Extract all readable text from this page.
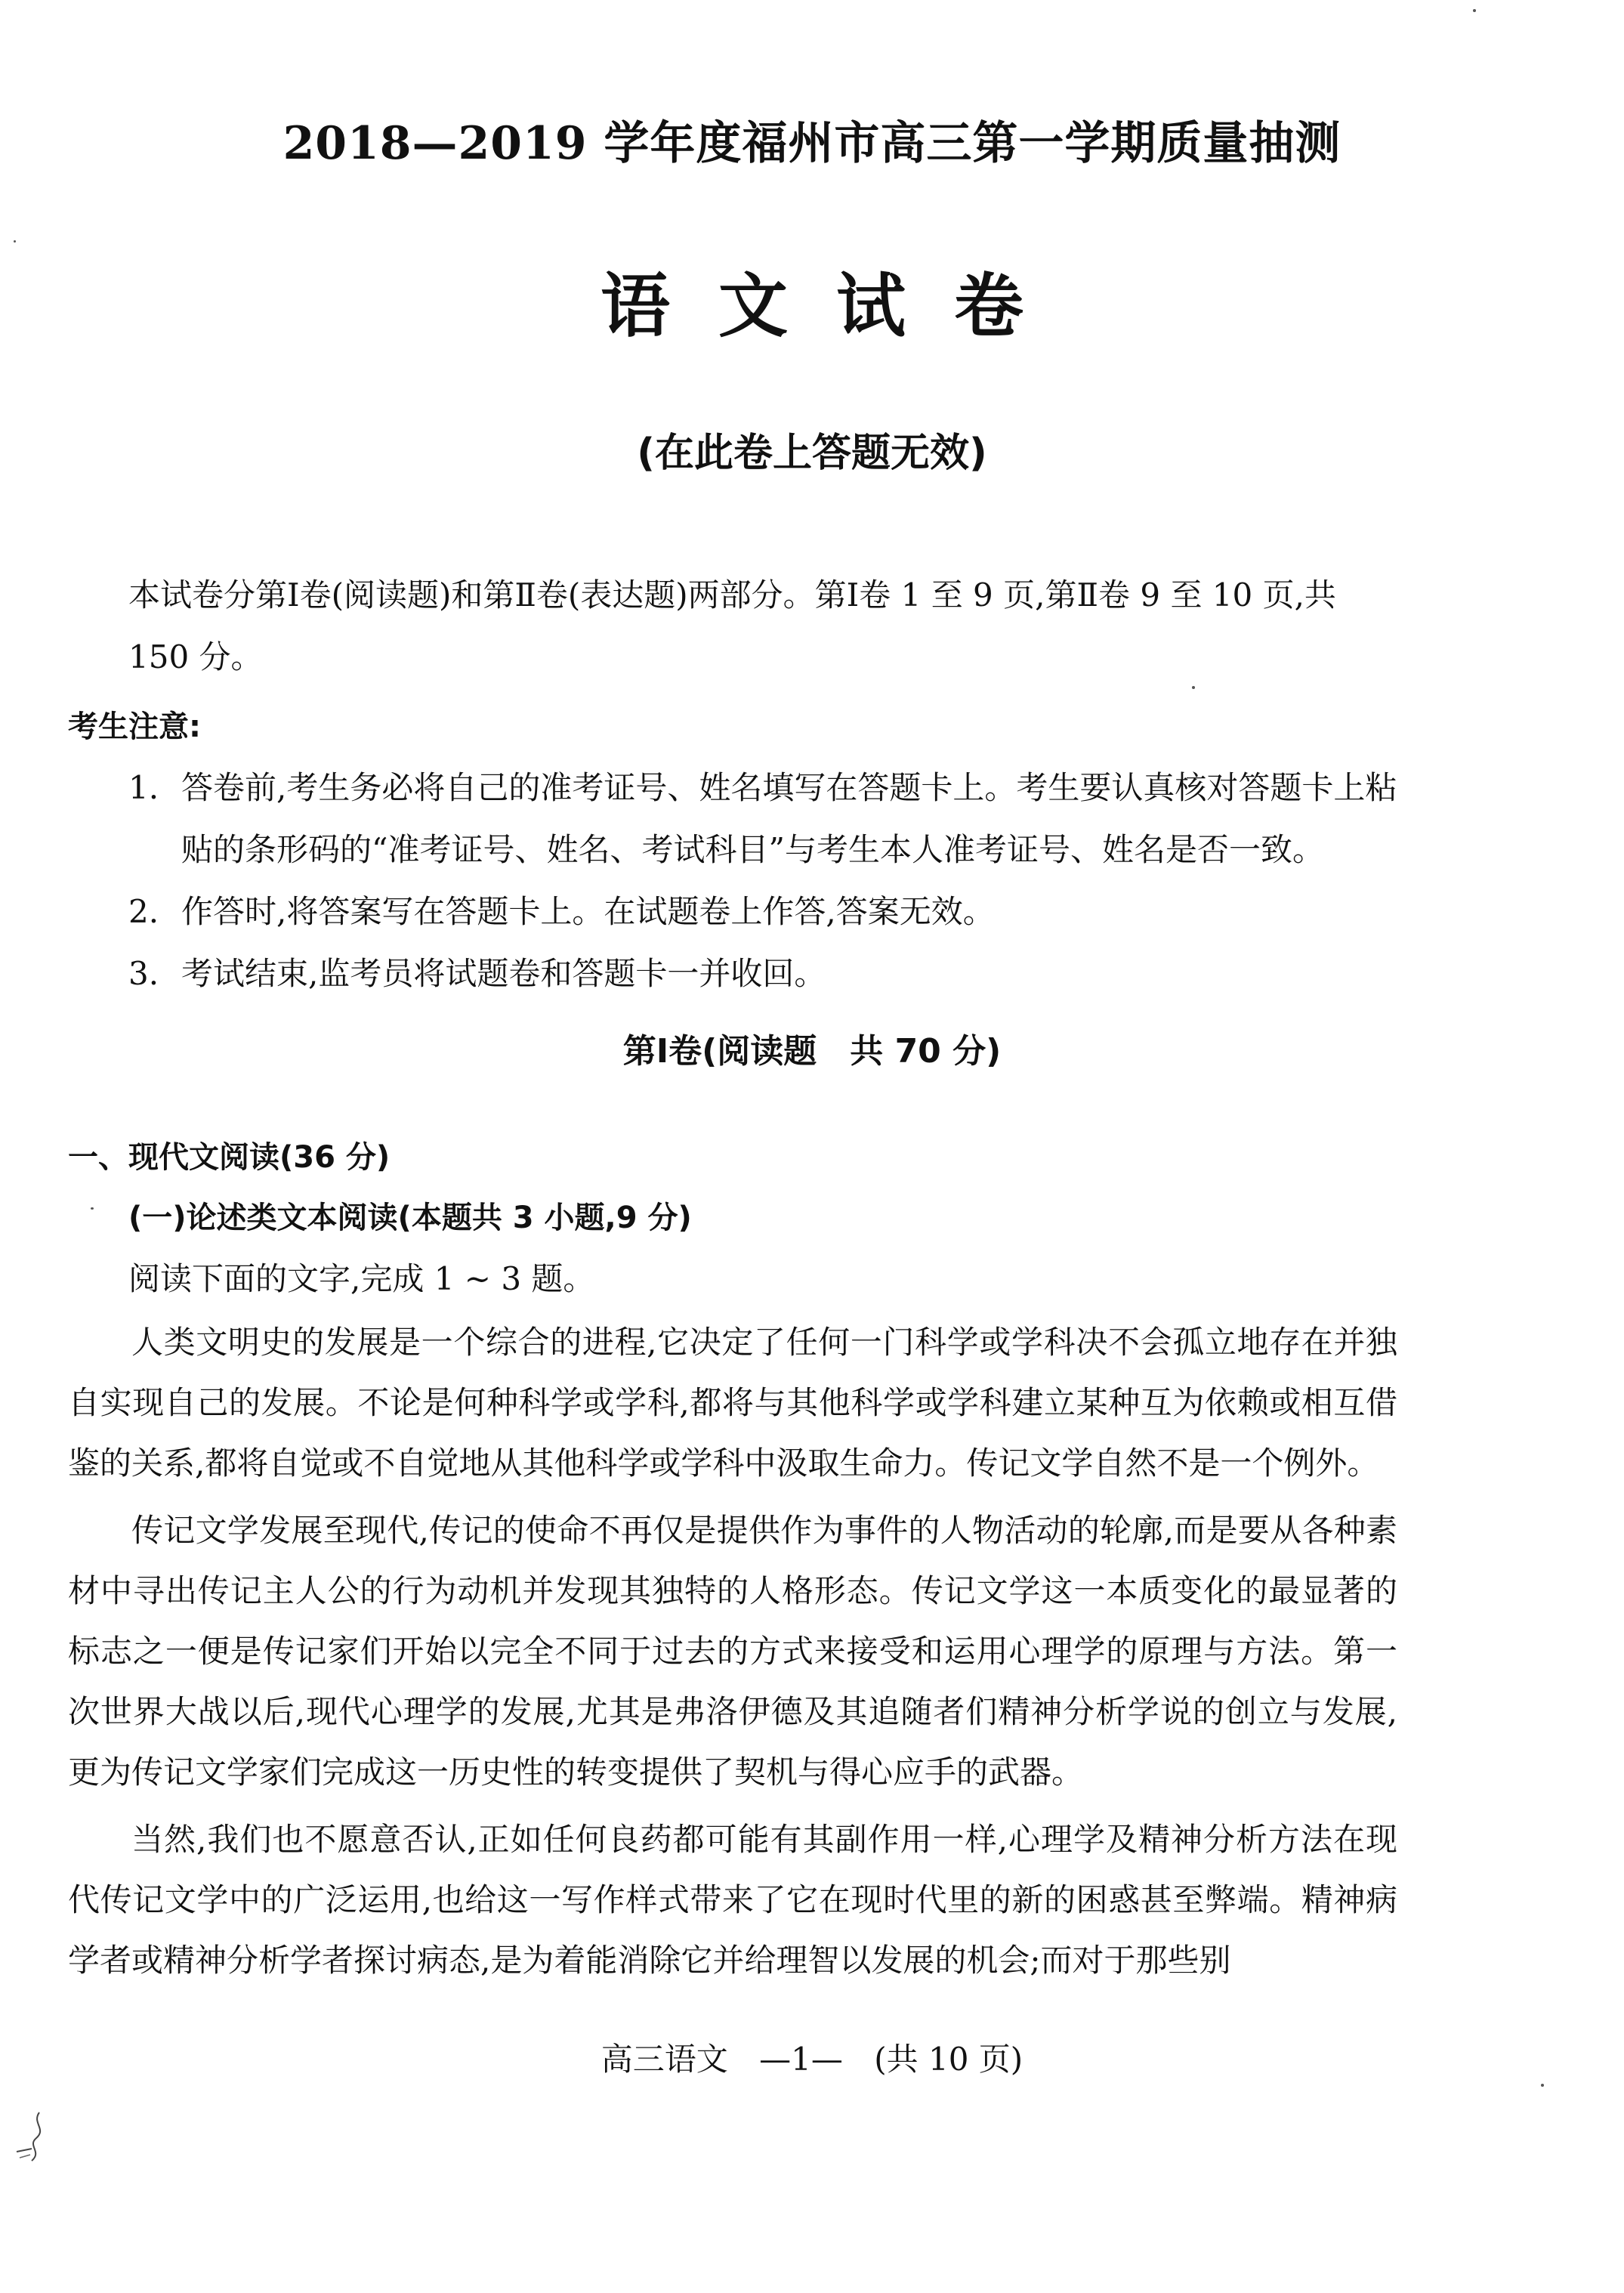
2018—2019 学年度福州市高三第一学期质量抽测
语文试卷
(在此卷上答题无效)

本试卷分第Ⅰ卷(阅读题)和第Ⅱ卷(表达题)两部分。第Ⅰ卷 1 至 9 页,第Ⅱ卷 9 至 10 页,共 150 分。

考生注意:
1. 答卷前,考生务必将自己的准考证号、姓名填写在答题卡上。考生要认真核对答题卡上粘贴的条形码的“准考证号、姓名、考试科目”与考生本人准考证号、姓名是否一致。
2. 作答时,将答案写在答题卡上。在试题卷上作答,答案无效。
3. 考试结束,监考员将试题卷和答题卡一并收回。
第Ⅰ卷(阅读题　共 70 分)
一、现代文阅读(36 分)
(一)论述类文本阅读(本题共 3 小题,9 分)
阅读下面的文字,完成 1 ~ 3 题。

人类文明史的发展是一个综合的进程,它决定了任何一门科学或学科决不会孤立地存在并独自实现自己的发展。不论是何种科学或学科,都将与其他科学或学科建立某种互为依赖或相互借鉴的关系,都将自觉或不自觉地从其他科学或学科中汲取生命力。传记文学自然不是一个例外。

传记文学发展至现代,传记的使命不再仅是提供作为事件的人物活动的轮廓,而是要从各种素材中寻出传记主人公的行为动机并发现其独特的人格形态。传记文学这一本质变化的最显著的标志之一便是传记家们开始以完全不同于过去的方式来接受和运用心理学的原理与方法。第一次世界大战以后,现代心理学的发展,尤其是弗洛伊德及其追随者们精神分析学说的创立与发展,更为传记文学家们完成这一历史性的转变提供了契机与得心应手的武器。

当然,我们也不愿意否认,正如任何良药都可能有其副作用一样,心理学及精神分析方法在现代传记文学中的广泛运用,也给这一写作样式带来了它在现时代里的新的困惑甚至弊端。精神病学者或精神分析学者探讨病态,是为着能消除它并给理智以发展的机会;而对于那些别

高三语文 —1— (共 10 页)
